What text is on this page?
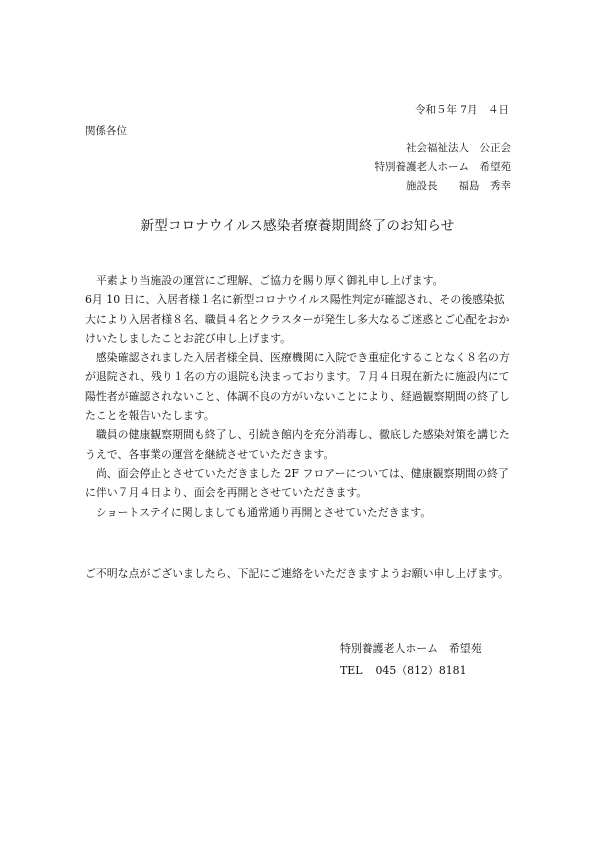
令和５年 7月　４日
関係各位
社会福祉法人　公正会
特別養護老人ホーム　希望苑
施設長　　福島　秀幸
新型コロナウイルス感染者療養期間終了のお知らせ

平素より当施設の運営にご理解、ご協力を賜り厚く御礼申し上げます。

6月 10 日に、入居者様１名に新型コロナウイルス陽性判定が確認され、その後感染拡大により入居者様８名、職員４名とクラスターが発生し多大なるご迷惑とご心配をおかけいたしましたことお詫び申し上げます。

感染確認されました入居者様全員、医療機関に入院でき重症化することなく８名の方が退院され、残り１名の方の退院も決まっております。７月４日現在新たに施設内にて陽性者が確認されないこと、体調不良の方がいないことにより、経過観察期間の終了したことを報告いたします。

職員の健康観察期間も終了し、引続き館内を充分消毒し、徹底した感染対策を講じたうえで、各事業の運営を継続させていただきます。

尚、面会停止とさせていただきました 2F フロアーについては、健康観察期間の終了に伴い７月４日より、面会を再開とさせていただきます。

ショートステイに関しましても通常通り再開とさせていただきます。

ご不明な点がございましたら、下記にご連絡をいただきますようお願い申し上げます。

特別養護老人ホーム　希望苑
TEL 045（812）8181
